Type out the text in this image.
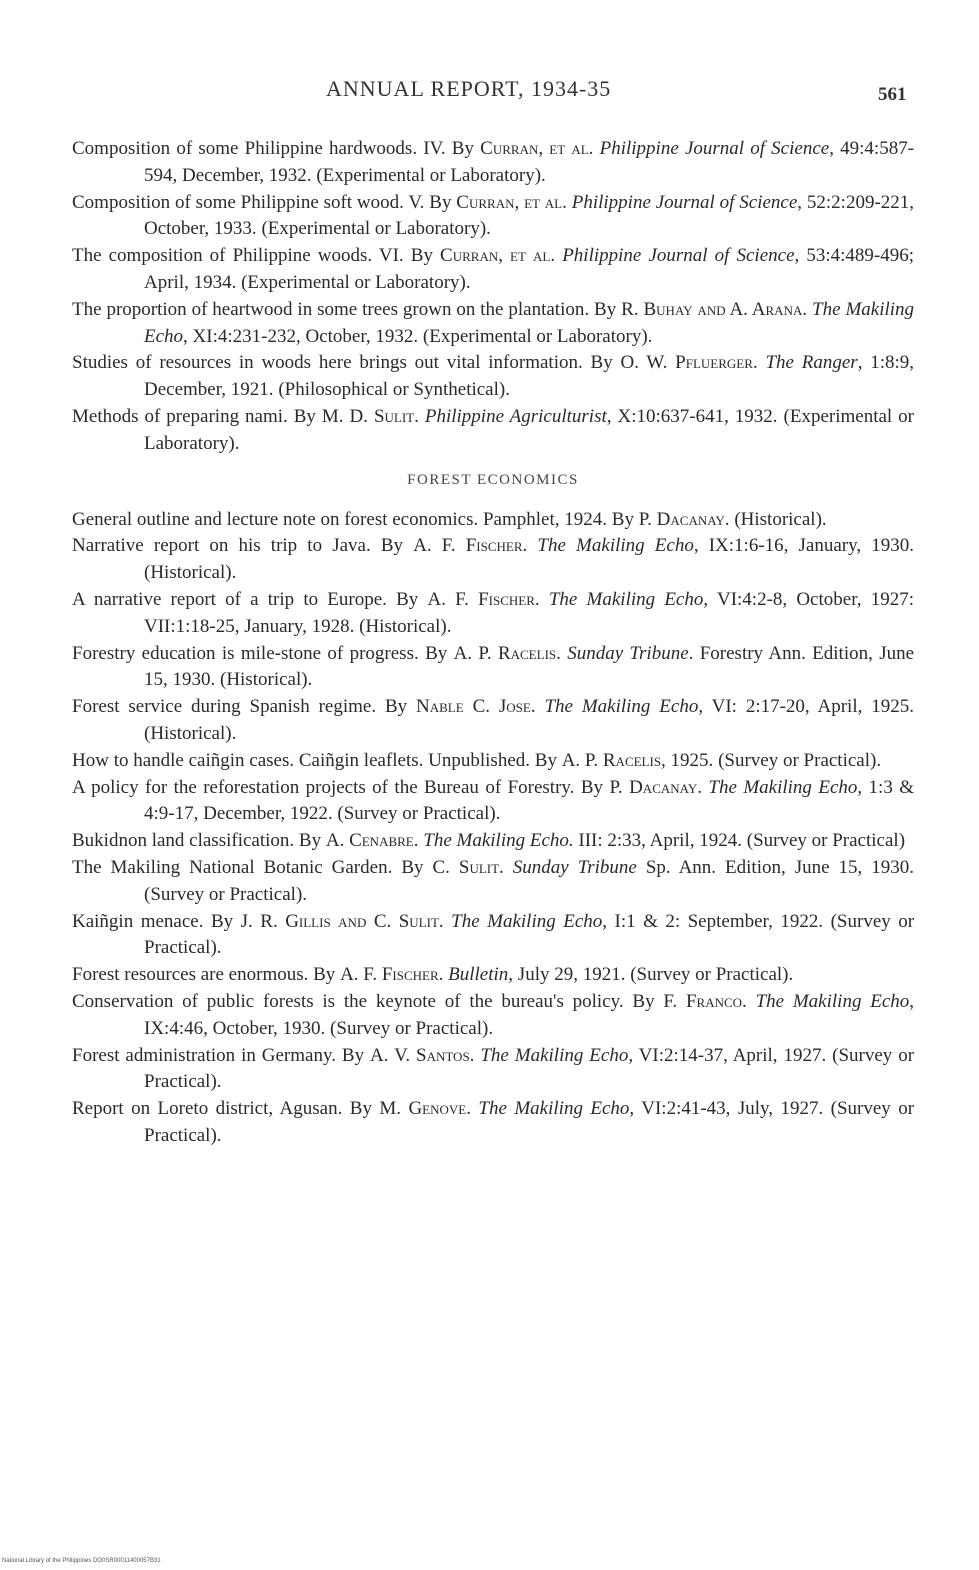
ANNUAL REPORT, 1934-35	561

Composition of some Philippine hardwoods. IV. By Curran, et al. Philippine Journal of Science, 49:4:587-594, December, 1932. (Experimental or Laboratory).

Composition of some Philippine soft wood. V. By Curran, et al. Philippine Journal of Science, 52:2:209-221, October, 1933. (Experimental or Laboratory).

The composition of Philippine woods. VI. By Curran, et al. Philippine Journal of Science, 53:4:489-496; April, 1934. (Experimental or Laboratory).

The proportion of heartwood in some trees grown on the plantation. By R. Buhay and A. Arana. The Makiling Echo, XI:4:231-232, October, 1932. (Experimental or Laboratory).

Studies of resources in woods here brings out vital information. By O. W. Pfluerger. The Ranger, 1:8:9, December, 1921. (Philosophical or Synthetical).

Methods of preparing nami. By M. D. Sulit. Philippine Agriculturist, X:10:637-641, 1932. (Experimental or Laboratory).

FOREST ECONOMICS

General outline and lecture note on forest economics. Pamphlet, 1924. By P. Dacanay. (Historical).

Narrative report on his trip to Java. By A. F. Fischer. The Makiling Echo, IX:1:6-16, January, 1930. (Historical).

A narrative report of a trip to Europe. By A. F. Fischer. The Makiling Echo, VI:4:2-8, October, 1927: VII:1:18-25, January, 1928. (Historical).

Forestry education is mile-stone of progress. By A. P. Racelis. Sunday Tribune. Forestry Ann. Edition, June 15, 1930. (Historical).

Forest service during Spanish regime. By Nable C. Jose. The Makiling Echo, VI: 2:17-20, April, 1925. (Historical).

How to handle caiñgin cases. Caiñgin leaflets. Unpublished. By A. P. Racelis, 1925. (Survey or Practical).

A policy for the reforestation projects of the Bureau of Forestry. By P. Dacanay. The Makiling Echo, 1:3 & 4:9-17, December, 1922. (Survey or Practical).

Bukidnon land classification. By A. Cenabre. The Makiling Echo. III: 2:33, April, 1924. (Survey or Practical)

The Makiling National Botanic Garden. By C. Sulit. Sunday Tribune Sp. Ann. Edition, June 15, 1930. (Survey or Practical).

Kaiñgin menace. By J. R. Gillis and C. Sulit. The Makiling Echo, I:1 & 2: September, 1922. (Survey or Practical).

Forest resources are enormous. By A. F. Fischer. Bulletin, July 29, 1921. (Survey or Practical).

Conservation of public forests is the keynote of the bureau's policy. By F. Franco. The Makiling Echo, IX:4:46, October, 1930. (Survey or Practical).

Forest administration in Germany. By A. V. Santos. The Makiling Echo, VI:2:14-37, April, 1927. (Survey or Practical).

Report on Loreto district, Agusan. By M. Genove. The Makiling Echo, VI:2:41-43, July, 1927. (Survey or Practical).

National Library of the Philippines DO0SR00011400057B31
